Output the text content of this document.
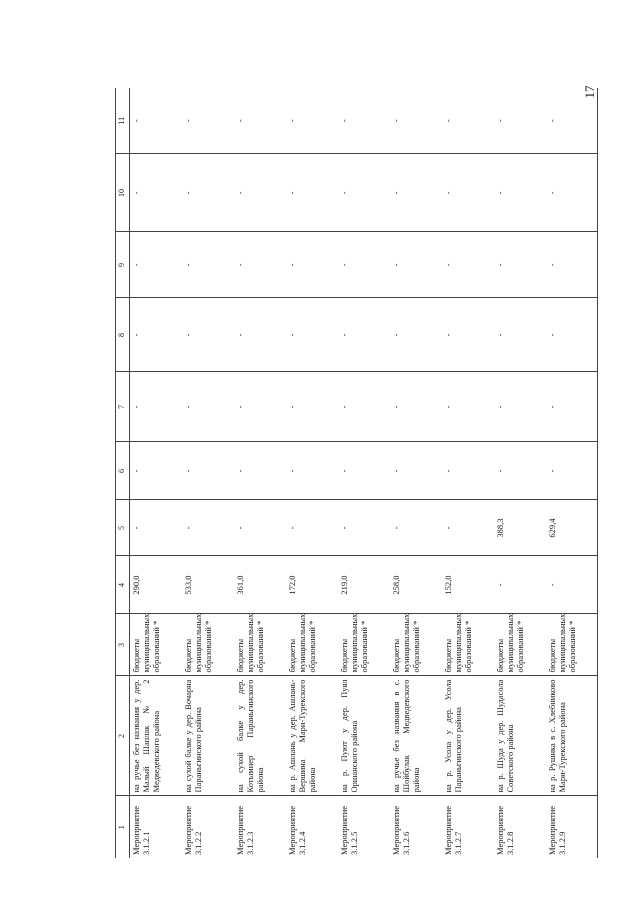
17
1	2	3	4	5	6	7	8	9	10	11
Мероприятие 3.1.2.1	на ручье без названия у дер. Малый Шаплак № 2 Медведевского района	бюджеты муниципальных образований *	290,0	-	-	-	-	-	-	-
Мероприятие 3.1.2.2	на сухой балке у дер. Вочарна Параньгинского района	бюджеты муниципальных образований *	533,0	-	-	-	-	-	-	-
Мероприятие 3.1.2.3	на сухой балке у дер. Котымнер Параньгинского района	бюджеты муниципальных образований *	361,0	-	-	-	-	-	-	-
Мероприятие 3.1.2.4	на р. Ашлань у дер. Ашлань-Вершина Мари-Турекского района	бюджеты муниципальных образований *	172,0	-	-	-	-	-	-	-
Мероприятие 3.1.2.5	на р. Пуют у дер. Пуял Оршанского района	бюджеты муниципальных образований *	219,0	-	-	-	-	-	-	-
Мероприятие 3.1.2.6	на ручье без названия в с. Шойбулак Медведевского района	бюджеты муниципальных образований *	258,0	-	-	-	-	-	-	-
Мероприятие 3.1.2.7	на р. Усола у дер. Усола Параньгинского района	бюджеты муниципальных образований *	152,0	-	-	-	-	-	-	-
Мероприятие 3.1.2.8	на р. Шуда у дер. Шудасола Советского района	бюджеты муниципальных образований *	-	388,3	-	-	-	-	-	-
Мероприятие 3.1.2.9	на р. Рушнка в с. Хлебниково Мари-Турекского района	бюджеты муниципальных образований *	-	629,4	-	-	-	-	-	-
